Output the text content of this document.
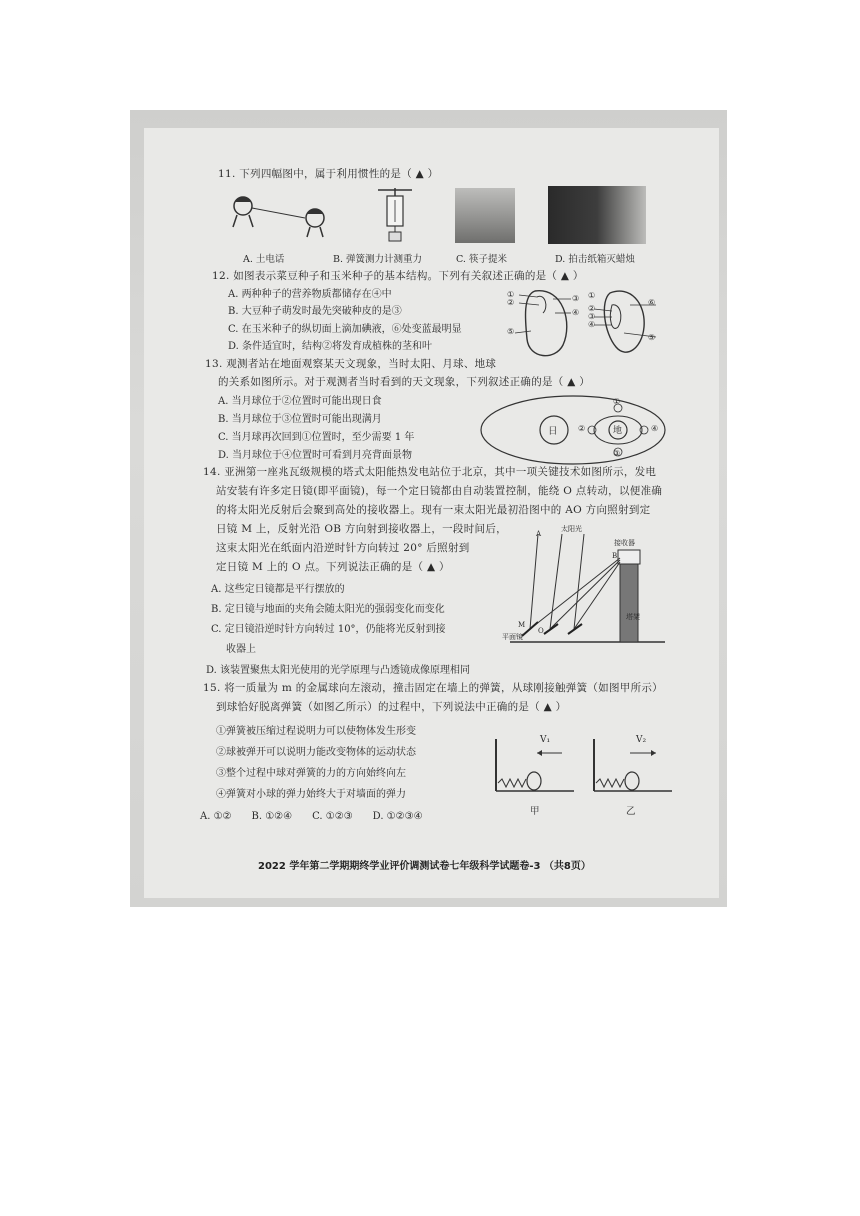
11. 下列四幅图中，属于利用惯性的是（ ▲ ）
A. 土电话	B. 弹簧测力计测重力	C. 筷子提米	D. 拍击纸箱灭蜡烛
12. 如图表示菜豆种子和玉米种子的基本结构。下列有关叙述正确的是（ ▲ ）
A. 两种种子的营养物质都储存在④中
B. 大豆种子萌发时最先突破种皮的是③
C. 在玉米种子的纵切面上滴加碘液，⑥处变蓝最明显
D. 条件适宜时，结构②将发育成植株的茎和叶
①
②	③
④
⑤
⑥
①
②
③
④
⑤
13. 观测者站在地面观察某天文现象，当时太阳、月球、地球
的关系如图所示。对于观测者当时看到的天文现象，下列叙述正确的是（ ▲ ）
A. 当月球位于②位置时可能出现日食
B. 当月球位于③位置时可能出现满月
C. 当月球再次回到①位置时，至少需要 1 年
D. 当月球位于④位置时可看到月亮背面景物
日	地
①
②
③
④
14. 亚洲第一座兆瓦级规模的塔式太阳能热发电站位于北京，其中一项关键技术如图所示，发电
站安装有许多定日镜(即平面镜)，每一个定日镜都由自动装置控制，能绕 O 点转动，以便准确
的将太阳光反射后会聚到高处的接收器上。现有一束太阳光最初沿图中的 AO 方向照射到定
日镜 M 上，反射光沿 OB 方向射到接收器上，一段时间后，
这束太阳光在纸面内沿逆时针方向转过 20° 后照射到
定日镜 M 上的 O 点。下列说法正确的是（ ▲ ）
A. 这些定日镜都是平行摆放的
B. 定日镜与地面的夹角会随太阳光的强弱变化而变化
C. 定日镜沿逆时针方向转过 10°，仍能将光反射到接
收器上
D. 该装置聚焦太阳光使用的光学原理与凸透镜成像原理相同
太阳光
接收器
塔架
平面镜
A
B
M
O
15. 将一质量为 m 的金属球向左滚动，撞击固定在墙上的弹簧，从球刚接触弹簧（如图甲所示）
到球恰好脱离弹簧（如图乙所示）的过程中，下列说法中正确的是（ ▲ ）
①弹簧被压缩过程说明力可以使物体发生形变
②球被弹开可以说明力能改变物体的运动状态
③整个过程中球对弹簧的力的方向始终向左
④弹簧对小球的弹力始终大于对墙面的弹力
A. ①②　　B. ①②④　　C. ①②③　　D. ①②③④
V₁	V₂
甲	乙
2022 学年第二学期期终学业评价调测试卷七年级科学试题卷-3 （共8页）
